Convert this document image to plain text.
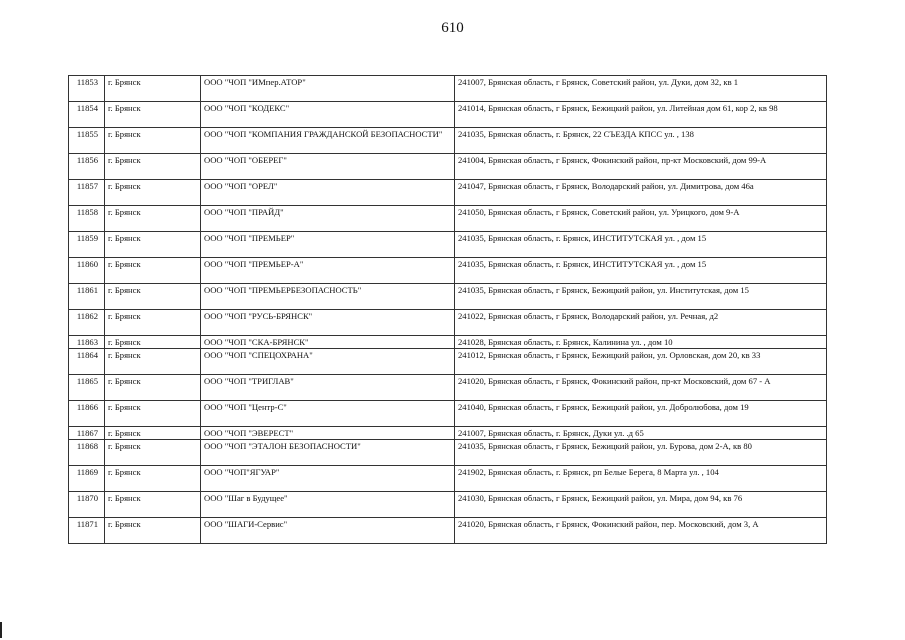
610
11853	г. Брянск	ООО "ЧОП "ИМпер.АТОР"	241007, Брянская область, г Брянск, Советский район, ул. Дуки, дом 32, кв 1
11854	г. Брянск	ООО "ЧОП "КОДЕКС"	241014, Брянская область, г Брянск, Бежицкий район, ул. Литейная дом 61, кор 2, кв 98
11855	г. Брянск	ООО "ЧОП "КОМПАНИЯ ГРАЖДАНСКОЙ БЕЗОПАСНОСТИ"	241035, Брянская область, г. Брянск, 22 СЪЕЗДА КПСС ул. , 138
11856	г. Брянск	ООО "ЧОП "ОБЕРЕГ"	241004, Брянская область, г Брянск, Фокинский район, пр-кт Московский, дом 99-А
11857	г. Брянск	ООО "ЧОП "ОРЕЛ"	241047, Брянская область, г Брянск, Володарский район, ул. Димитрова, дом 46а
11858	г. Брянск	ООО "ЧОП "ПРАЙД"	241050, Брянская область, г Брянск, Советский район, ул. Урицкого, дом 9-А
11859	г. Брянск	ООО "ЧОП "ПРЕМЬЕР"	241035, Брянская область, г. Брянск, ИНСТИТУТСКАЯ ул. , дом 15
11860	г. Брянск	ООО "ЧОП "ПРЕМЬЕР-А"	241035, Брянская область, г. Брянск, ИНСТИТУТСКАЯ ул. , дом 15
11861	г. Брянск	ООО "ЧОП "ПРЕМЬЕРБЕЗОПАСНОСТЬ"	241035, Брянская область, г Брянск, Бежицкий район, ул. Институтская, дом 15
11862	г. Брянск	ООО "ЧОП "РУСЬ-БРЯНСК"	241022, Брянская область, г Брянск, Володарский район, ул. Речная, д2
11863	г. Брянск	ООО "ЧОП "СКА-БРЯНСК"	241028, Брянская область, г. Брянск, Калинина ул. , дом 10
11864	г. Брянск	ООО "ЧОП "СПЕЦОХРАНА"	241012, Брянская область, г Брянск, Бежицкий район, ул. Орловская, дом 20, кв 33
11865	г. Брянск	ООО "ЧОП "ТРИГЛАВ"	241020, Брянская область, г Брянск, Фокинский район, пр-кт Московский, дом 67 - А
11866	г. Брянск	ООО "ЧОП "Центр-С"	241040, Брянская область, г Брянск, Бежицкий район, ул. Добролюбова, дом 19
11867	г. Брянск	ООО "ЧОП "ЭВЕРЕСТ"	241007, Брянская область, г. Брянск, Дуки ул. .д 65
11868	г. Брянск	ООО "ЧОП "ЭТАЛОН БЕЗОПАСНОСТИ"	241035, Брянская область, г Брянск, Бежицкий район, ул. Бурова, дом 2-А, кв 80
11869	г. Брянск	ООО "ЧОП"ЯГУАР"	241902, Брянская область, г. Брянск, рп Белые Берега, 8 Марта ул. , 104
11870	г. Брянск	ООО "Шаг в Будущее"	241030, Брянская область, г Брянск, Бежицкий район, ул. Мира, дом 94, кв 76
11871	г. Брянск	ООО "ШАГИ-Сервис"	241020, Брянская область, г Брянск, Фокинский район, пер. Московский, дом 3, А
